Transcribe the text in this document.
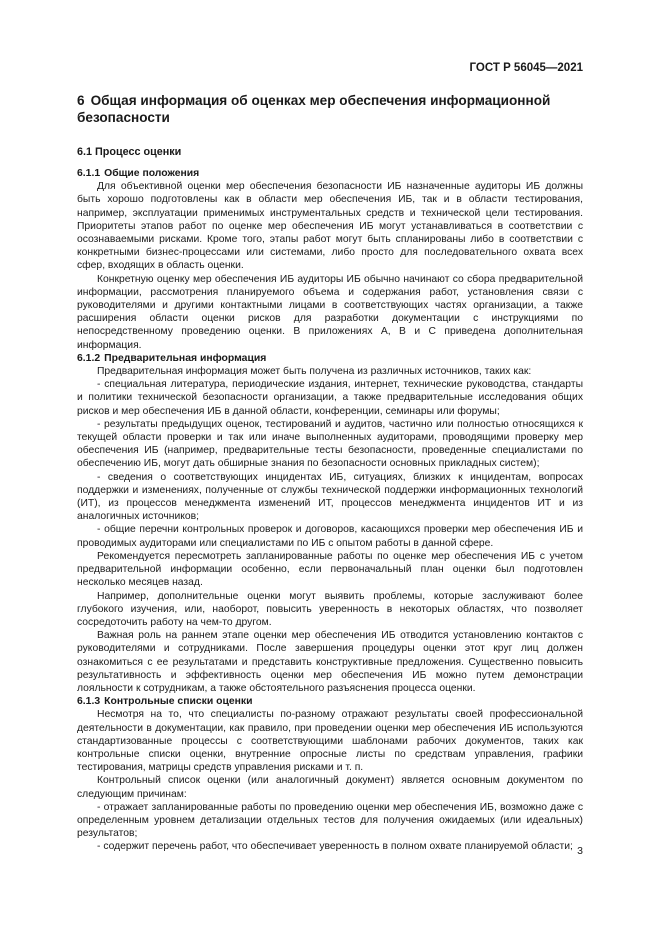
ГОСТ Р 56045—2021
6 Общая информация об оценках мер обеспечения информационной безопасности
6.1 Процесс оценки
6.1.1 Общие положения

Для объективной оценки мер обеспечения безопасности ИБ назначенные аудиторы ИБ должны быть хорошо подготовлены как в области мер обеспечения ИБ, так и в области тестирования, например, эксплуатации применимых инструментальных средств и технической цели тестирования. Приоритеты этапов работ по оценке мер обеспечения ИБ могут устанавливаться в соответствии с осознаваемыми рисками. Кроме того, этапы работ могут быть спланированы либо в соответствии с конкретными бизнес-процессами или системами, либо просто для последовательного охвата всех сфер, входящих в область оценки.

Конкретную оценку мер обеспечения ИБ аудиторы ИБ обычно начинают со сбора предварительной информации, рассмотрения планируемого объема и содержания работ, установления связи с руководителями и другими контактными лицами в соответствующих частях организации, а также расширения области оценки рисков для разработки документации с инструкциями по непосредственному проведению оценки. В приложениях А, В и С приведена дополнительная информация.

6.1.2 Предварительная информация

Предварительная информация может быть получена из различных источников, таких как:

- специальная литература, периодические издания, интернет, технические руководства, стандарты и политики технической безопасности организации, а также предварительные исследования общих рисков и мер обеспечения ИБ в данной области, конференции, семинары или форумы;

- результаты предыдущих оценок, тестирований и аудитов, частично или полностью относящихся к текущей области проверки и так или иначе выполненных аудиторами, проводящими проверку мер обеспечения ИБ (например, предварительные тесты безопасности, проведенные специалистами по обеспечению ИБ, могут дать обширные знания по безопасности основных прикладных систем);

- сведения о соответствующих инцидентах ИБ, ситуациях, близких к инцидентам, вопросах поддержки и изменениях, полученные от службы технической поддержки информационных технологий (ИТ), из процессов менеджмента изменений ИТ, процессов менеджмента инцидентов ИТ и из аналогичных источников;

- общие перечни контрольных проверок и договоров, касающихся проверки мер обеспечения ИБ и проводимых аудиторами или специалистами по ИБ с опытом работы в данной сфере.

Рекомендуется пересмотреть запланированные работы по оценке мер обеспечения ИБ с учетом предварительной информации особенно, если первоначальный план оценки был подготовлен несколько месяцев назад.

Например, дополнительные оценки могут выявить проблемы, которые заслуживают более глубокого изучения, или, наоборот, повысить уверенность в некоторых областях, что позволяет сосредоточить работу на чем-то другом.

Важная роль на раннем этапе оценки мер обеспечения ИБ отводится установлению контактов с руководителями и сотрудниками. После завершения процедуры оценки этот круг лиц должен ознакомиться с ее результатами и представить конструктивные предложения. Существенно повысить результативность и эффективность оценки мер обеспечения ИБ можно путем демонстрации лояльности к сотрудникам, а также обстоятельного разъяснения процесса оценки.

6.1.3 Контрольные списки оценки

Несмотря на то, что специалисты по-разному отражают результаты своей профессиональной деятельности в документации, как правило, при проведении оценки мер обеспечения ИБ используются стандартизованные процессы с соответствующими шаблонами рабочих документов, таких как контрольные списки оценки, внутренние опросные листы по средствам управления, графики тестирования, матрицы средств управления рисками и т. п.

Контрольный список оценки (или аналогичный документ) является основным документом по следующим причинам:

- отражает запланированные работы по проведению оценки мер обеспечения ИБ, возможно даже с определенным уровнем детализации отдельных тестов для получения ожидаемых (или идеальных) результатов;

- содержит перечень работ, что обеспечивает уверенность в полном охвате планируемой области; 3
